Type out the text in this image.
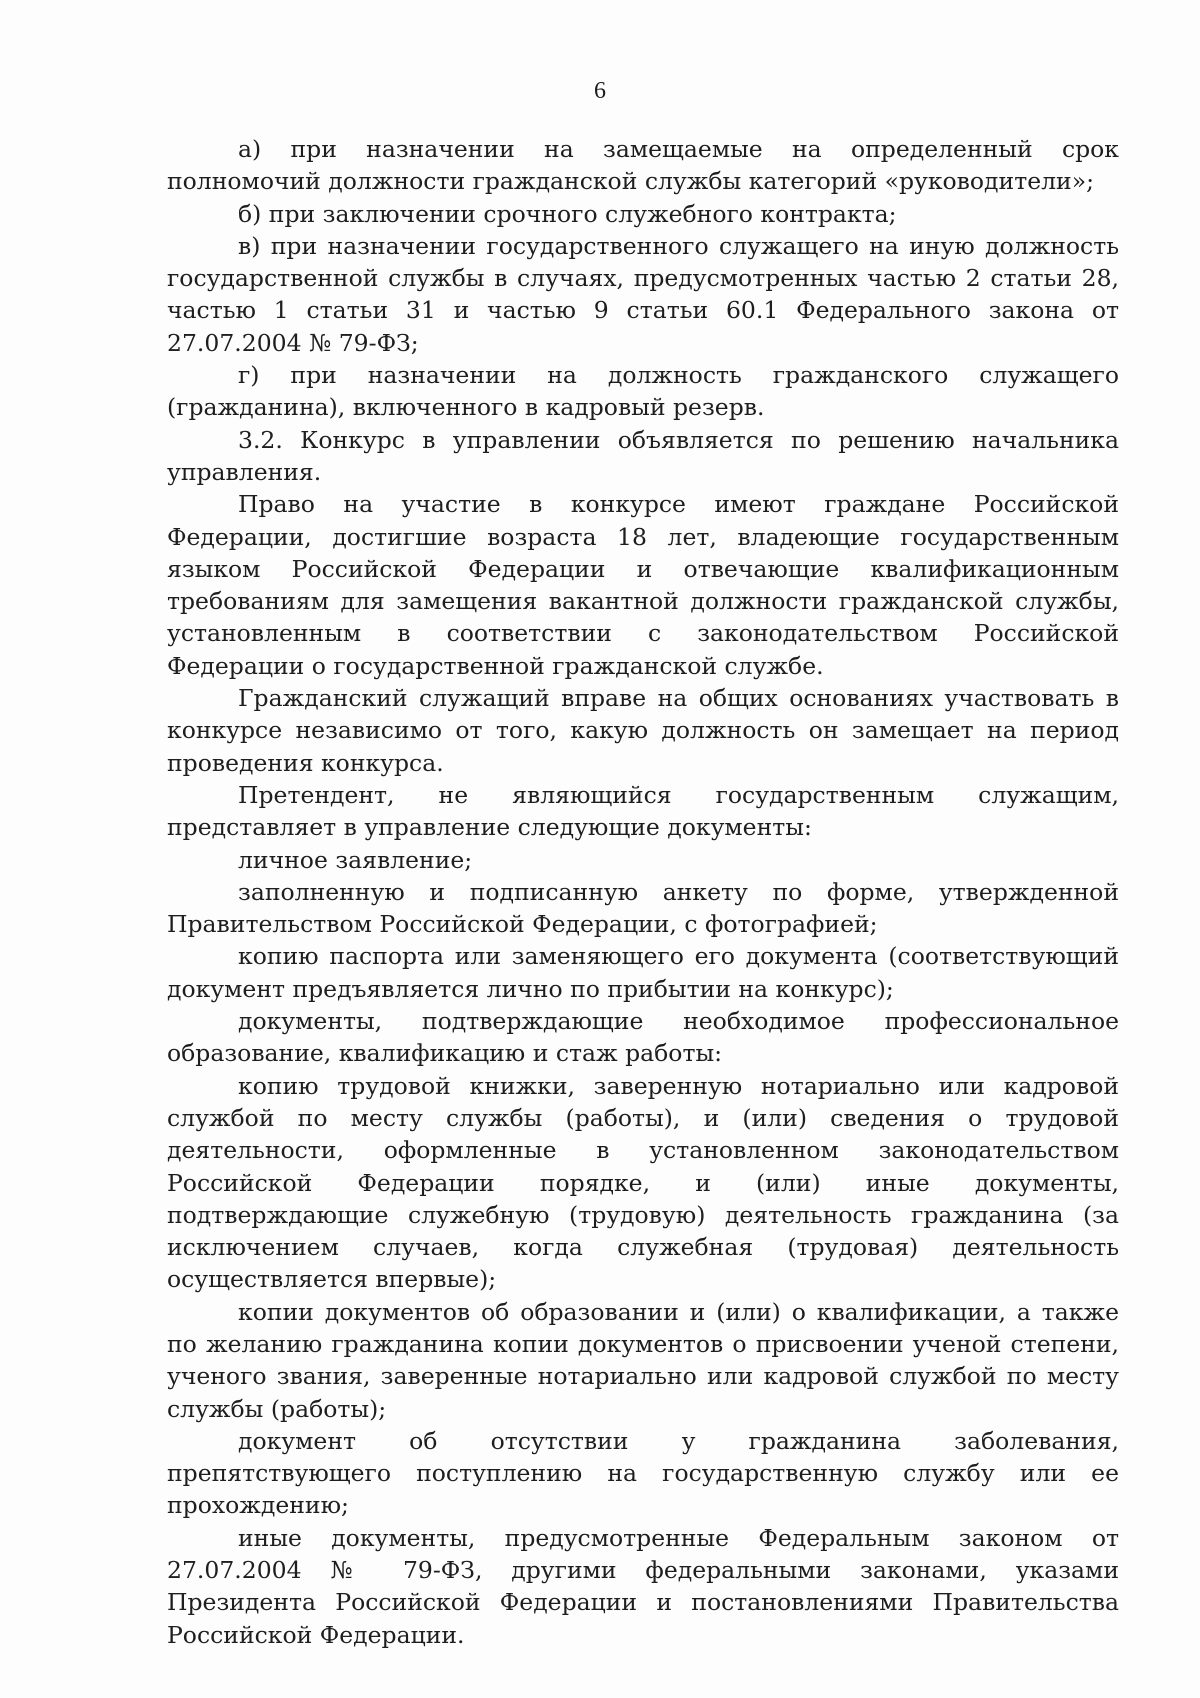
6

а) при назначении на замещаемые на определенный срок полномочий должности гражданской службы категорий «руководители»;

б) при заключении срочного служебного контракта;

в) при назначении государственного служащего на иную должность государственной службы в случаях, предусмотренных частью 2 статьи 28, частью 1 статьи 31 и частью 9 статьи 60.1 Федерального закона от 27.07.2004 № 79-ФЗ;

г) при назначении на должность гражданского служащего (гражданина), включенного в кадровый резерв.

3.2. Конкурс в управлении объявляется по решению начальника управления.

Право на участие в конкурсе имеют граждане Российской Федерации, достигшие возраста 18 лет, владеющие государственным языком Российской Федерации и отвечающие квалификационным требованиям для замещения вакантной должности гражданской службы, установленным в соответствии с законодательством Российской Федерации о государственной гражданской службе.

Гражданский служащий вправе на общих основаниях участвовать в конкурсе независимо от того, какую должность он замещает на период проведения конкурса.

Претендент, не являющийся государственным служащим, представляет в управление следующие документы:

личное заявление;

заполненную и подписанную анкету по форме, утвержденной Правительством Российской Федерации, с фотографией;

копию паспорта или заменяющего его документа (соответствующий документ предъявляется лично по прибытии на конкурс);

документы, подтверждающие необходимое профессиональное образование, квалификацию и стаж работы:

копию трудовой книжки, заверенную нотариально или кадровой службой по месту службы (работы), и (или) сведения о трудовой деятельности, оформленные в установленном законодательством Российской Федерации порядке, и (или) иные документы, подтверждающие служебную (трудовую) деятельность гражданина (за исключением случаев, когда служебная (трудовая) деятельность осуществляется впервые);

копии документов об образовании и (или) о квалификации, а также по желанию гражданина копии документов о присвоении ученой степени, ученого звания, заверенные нотариально или кадровой службой по месту службы (работы);

документ об отсутствии у гражданина заболевания, препятствующего поступлению на государственную службу или ее прохождению;

иные документы, предусмотренные Федеральным законом от 27.07.2004 № 79-ФЗ, другими федеральными законами, указами Президента Российской Федерации и постановлениями Правительства Российской Федерации.
